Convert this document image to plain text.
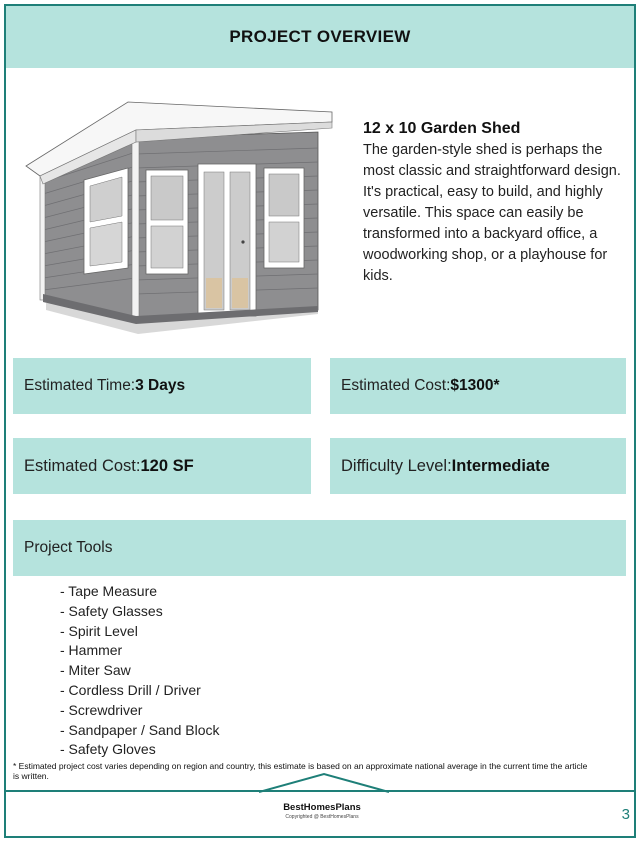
PROJECT OVERVIEW
12 x 10 Garden Shed
The garden-style shed is perhaps the most classic and straightforward design. It's practical, easy to build, and highly versatile. This space can easily be transformed into a backyard office, a woodworking shop, or a playhouse for kids.
Estimated Time: 3 Days	Estimated Cost: $1300*
Estimated Cost: 120 SF	Difficulty Level: Intermediate
Project Tools
- Tape Measure
- Safety Glasses
- Spirit Level
- Hammer
- Miter Saw
- Cordless Drill / Driver
- Screwdriver
- Sandpaper / Sand Block
- Safety Gloves
* Estimated project cost varies depending on region and country, this estimate is based on an approximate national average in the current time the article is written.
BestHomesPlans
Copyrighted @ BestHomesPlans	3
